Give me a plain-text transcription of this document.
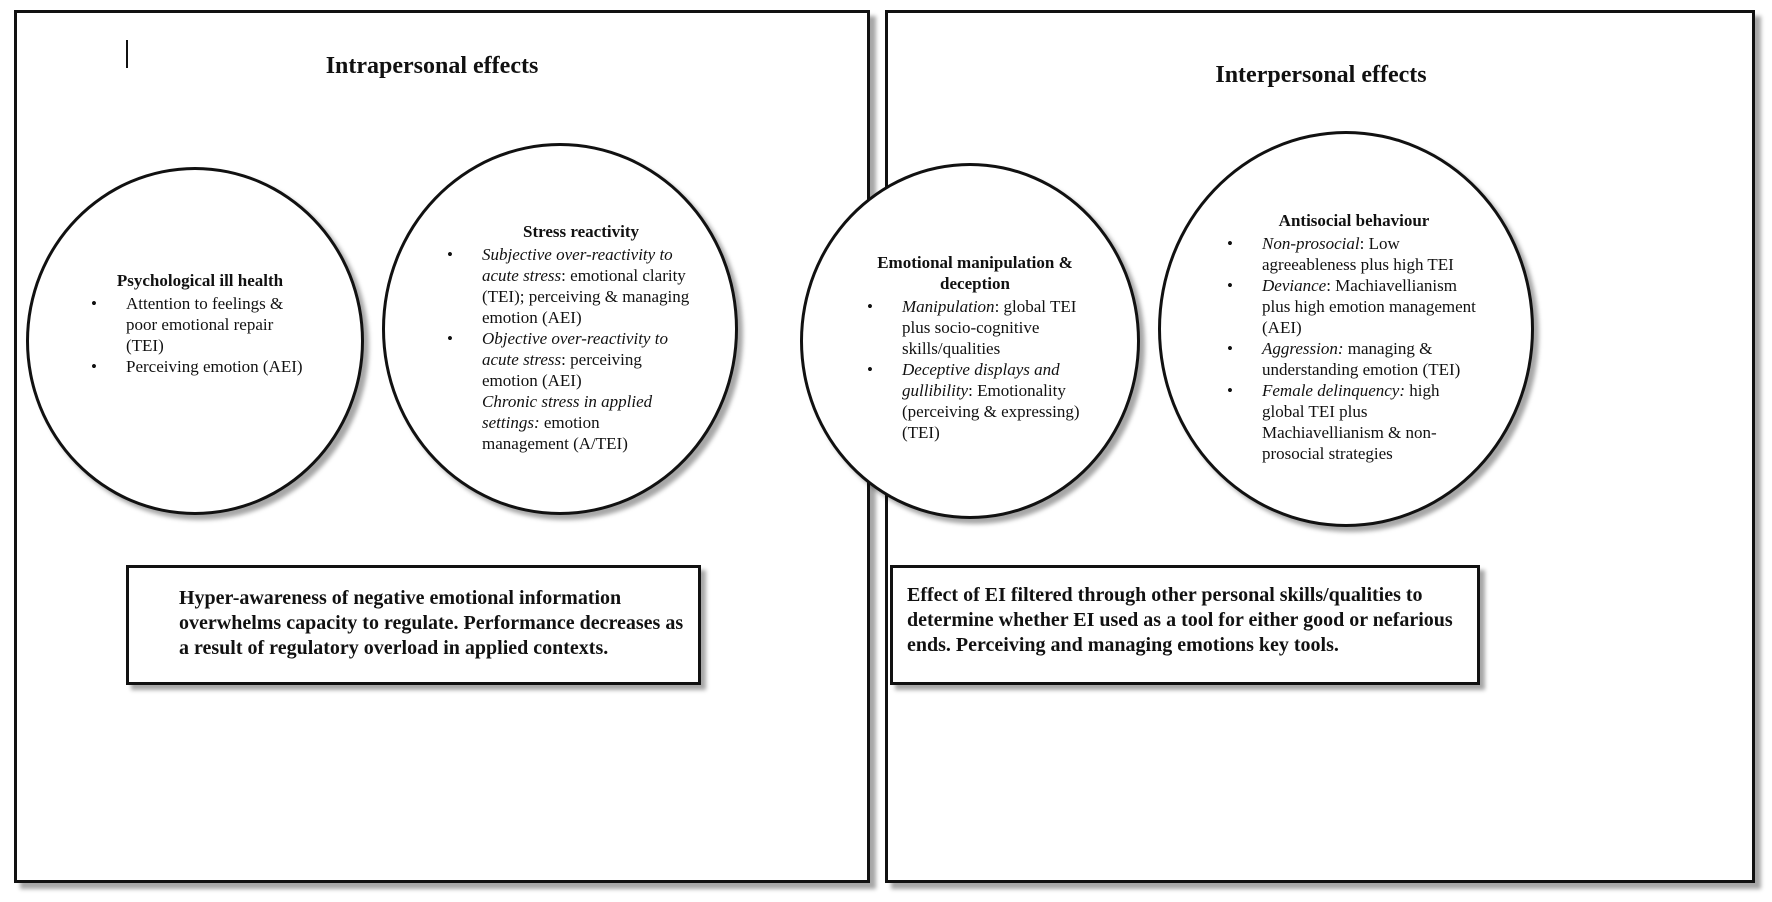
Intrapersonal effects
Psychological ill health
• Attention to feelings & poor emotional repair (TEI)
• Perceiving emotion (AEI)
Stress reactivity
• Subjective over-reactivity to acute stress: emotional clarity (TEI); perceiving & managing emotion (AEI)
• Objective over-reactivity to acute stress: perceiving emotion (AEI)
Chronic stress in applied settings: emotion management (A/TEI)
Hyper-awareness of negative emotional information overwhelms capacity to regulate. Performance decreases as a result of regulatory overload in applied contexts.
Interpersonal effects
Emotional manipulation & deception
• Manipulation: global TEI plus socio-cognitive skills/qualities
• Deceptive displays and gullibility: Emotionality (perceiving & expressing) (TEI)
Antisocial behaviour
• Non-prosocial: Low agreeableness plus high TEI
• Deviance: Machiavellianism plus high emotion management (AEI)
• Aggression: managing & understanding emotion (TEI)
• Female delinquency: high global TEI plus Machiavellianism & non-prosocial strategies
Effect of EI filtered through other personal skills/qualities to determine whether EI used as a tool for either good or nefarious ends. Perceiving and managing emotions key tools.
